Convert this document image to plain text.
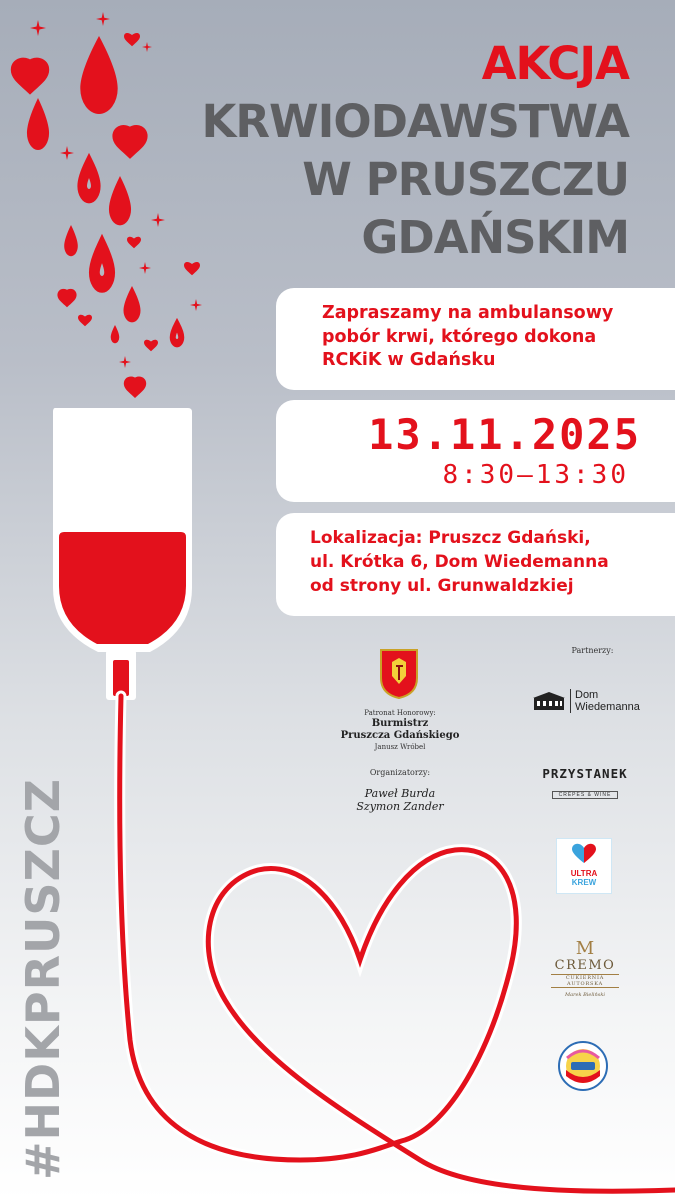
AKCJA
KRWIODAWSTWA
W PRUSZCZU
GDAŃSKIM
Zapraszamy na ambulansowy
pobór krwi, którego dokona
RCKiK w Gdańsku
13.11.2025
8:30–13:30
Lokalizacja: Pruszcz Gdański,
ul. Krótka 6, Dom Wiedemanna
od strony ul. Grunwaldzkiej
#HDKPRUSZCZ
Patronat Honorowy:
Burmistrz
Pruszcza Gdańskiego
Janusz Wróbel
Organizatorzy:
Paweł Burda
Szymon Zander
Partnerzy:
Dom
Wiedemanna
PRZYSTANEK
CRÊPES & WINE
ULTRA
KREW
M
CREMO
CUKIERNIA AUTORSKA
Marek Bieliński
